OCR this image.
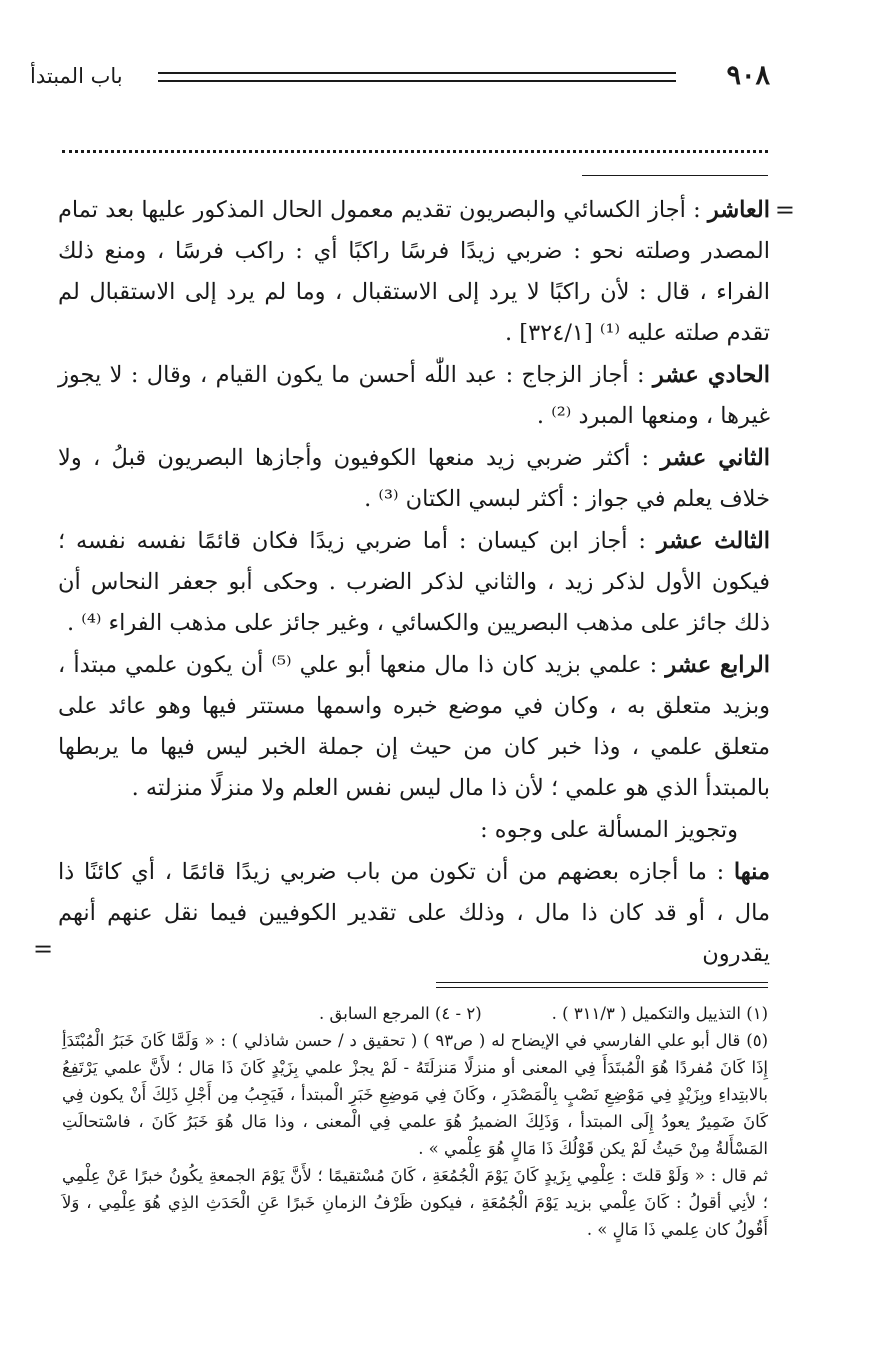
٩٠٨
باب المبتدأ
=

العاشر : أجاز الكسائي والبصريون تقديم معمول الحال المذكور عليها بعد تمام المصدر وصلته نحو : ضربي زيدًا فرسًا راكبًا أي : راكب فرسًا ، ومنع ذلك الفراء ، قال : لأن راكبًا لا يرد إلى الاستقبال ، وما لم يرد إلى الاستقبال لم تقدم صلته عليه ⁽¹⁾ [٣٢٤/١] .

الحادي عشر : أجاز الزجاج : عبد اللّٰه أحسن ما يكون القيام ، وقال : لا يجوز غيرها ، ومنعها المبرد ⁽²⁾ .

الثاني عشر : أكثر ضربي زيد منعها الكوفيون وأجازها البصريون قبلُ ، ولا خلاف يعلم في جواز : أكثر لبسي الكتان ⁽³⁾ .

الثالث عشر : أجاز ابن كيسان : أما ضربي زيدًا فكان قائمًا نفسه نفسه ؛ فيكون الأول لذكر زيد ، والثاني لذكر الضرب . وحكى أبو جعفر النحاس أن ذلك جائز على مذهب البصريين والكسائي ، وغير جائز على مذهب الفراء ⁽⁴⁾ .

الرابع عشر : علمي بزيد كان ذا مال منعها أبو علي ⁽⁵⁾ أن يكون علمي مبتدأ ، وبزيد متعلق به ، وكان في موضع خبره واسمها مستتر فيها وهو عائد على متعلق علمي ، وذا خبر كان من حيث إن جملة الخبر ليس فيها ما يربطها بالمبتدأ الذي هو علمي ؛ لأن ذا مال ليس نفس العلم ولا منزلًا منزلته .

وتجويز المسألة على وجوه :

منها : ما أجازه بعضهم من أن تكون من باب ضربي زيدًا قائمًا ، أي كائنًا ذا مال ، أو قد كان ذا مال ، وذلك على تقدير الكوفيين فيما نقل عنهم أنهم يقدرون

=

(١) التذييل والتكميل ( ٣١١/٣ ) .

(٢ - ٤) المرجع السابق .

(٥) قال أبو علي الفارسي في الإيضاح له ( ص٩٣ ) ( تحقيق د / حسن شاذلي ) : « وَلَمَّا كَانَ خَبَرُ الْمُبْتَدَأِ إِذَا كَانَ مُفردًا هُوَ الْمُبتَدَأَ فِي المعنى أو منزلًا مَنزلَتَهُ - لَمْ يجزْ علمي بِزَيْدٍ كَانَ ذَا مَال ؛ لأَنَّ علمي يَرْتَفِعُ بالابتِداءِ وبِزَيْدٍ فِي مَوْضِعِ نَصْبٍ بِالْمَصْدَرِ ، وكَانَ فِي مَوضِعِ خَبَرِ الْمبتدأ ، فَيَجِبُ مِن أَجْلِ ذَلِكَ أَنْ يكون فِي كَانَ ضَمِيرٌ يعودُ إِلَى المبتدأ ، وَذَلِكَ الضميرُ هُوَ علمي فِي الْمعنى ، وذا مَال هُوَ خَبَرُ كَانَ ، فاسْتحالَتِ المَسْأَلةُ مِنْ حَيثُ لَمْ يكن قَوْلُكَ ذَا مَالٍ هُوَ عِلْمي » .

ثم قال : « وَلَوْ قلتَ : عِلْمِي بِزَيدٍ كَانَ يَوْمَ الْجُمُعَةِ ، كَانَ مُسْتقيمًا ؛ لأَنَّ يَوْمَ الجمعةِ يكُونُ خبرًا عَنْ عِلْمِي ؛ لأنِي أقولُ : كَانَ عِلْمي بزيد يَوْمَ الْجُمُعَةِ ، فيكون ظَرْفُ الزمانِ خَبرًا عَنِ الْحَدَثِ الذِي هُوَ عِلْمِي ، وَلاَ أَقُولُ كان عِلمي ذَا مَالٍ » .
